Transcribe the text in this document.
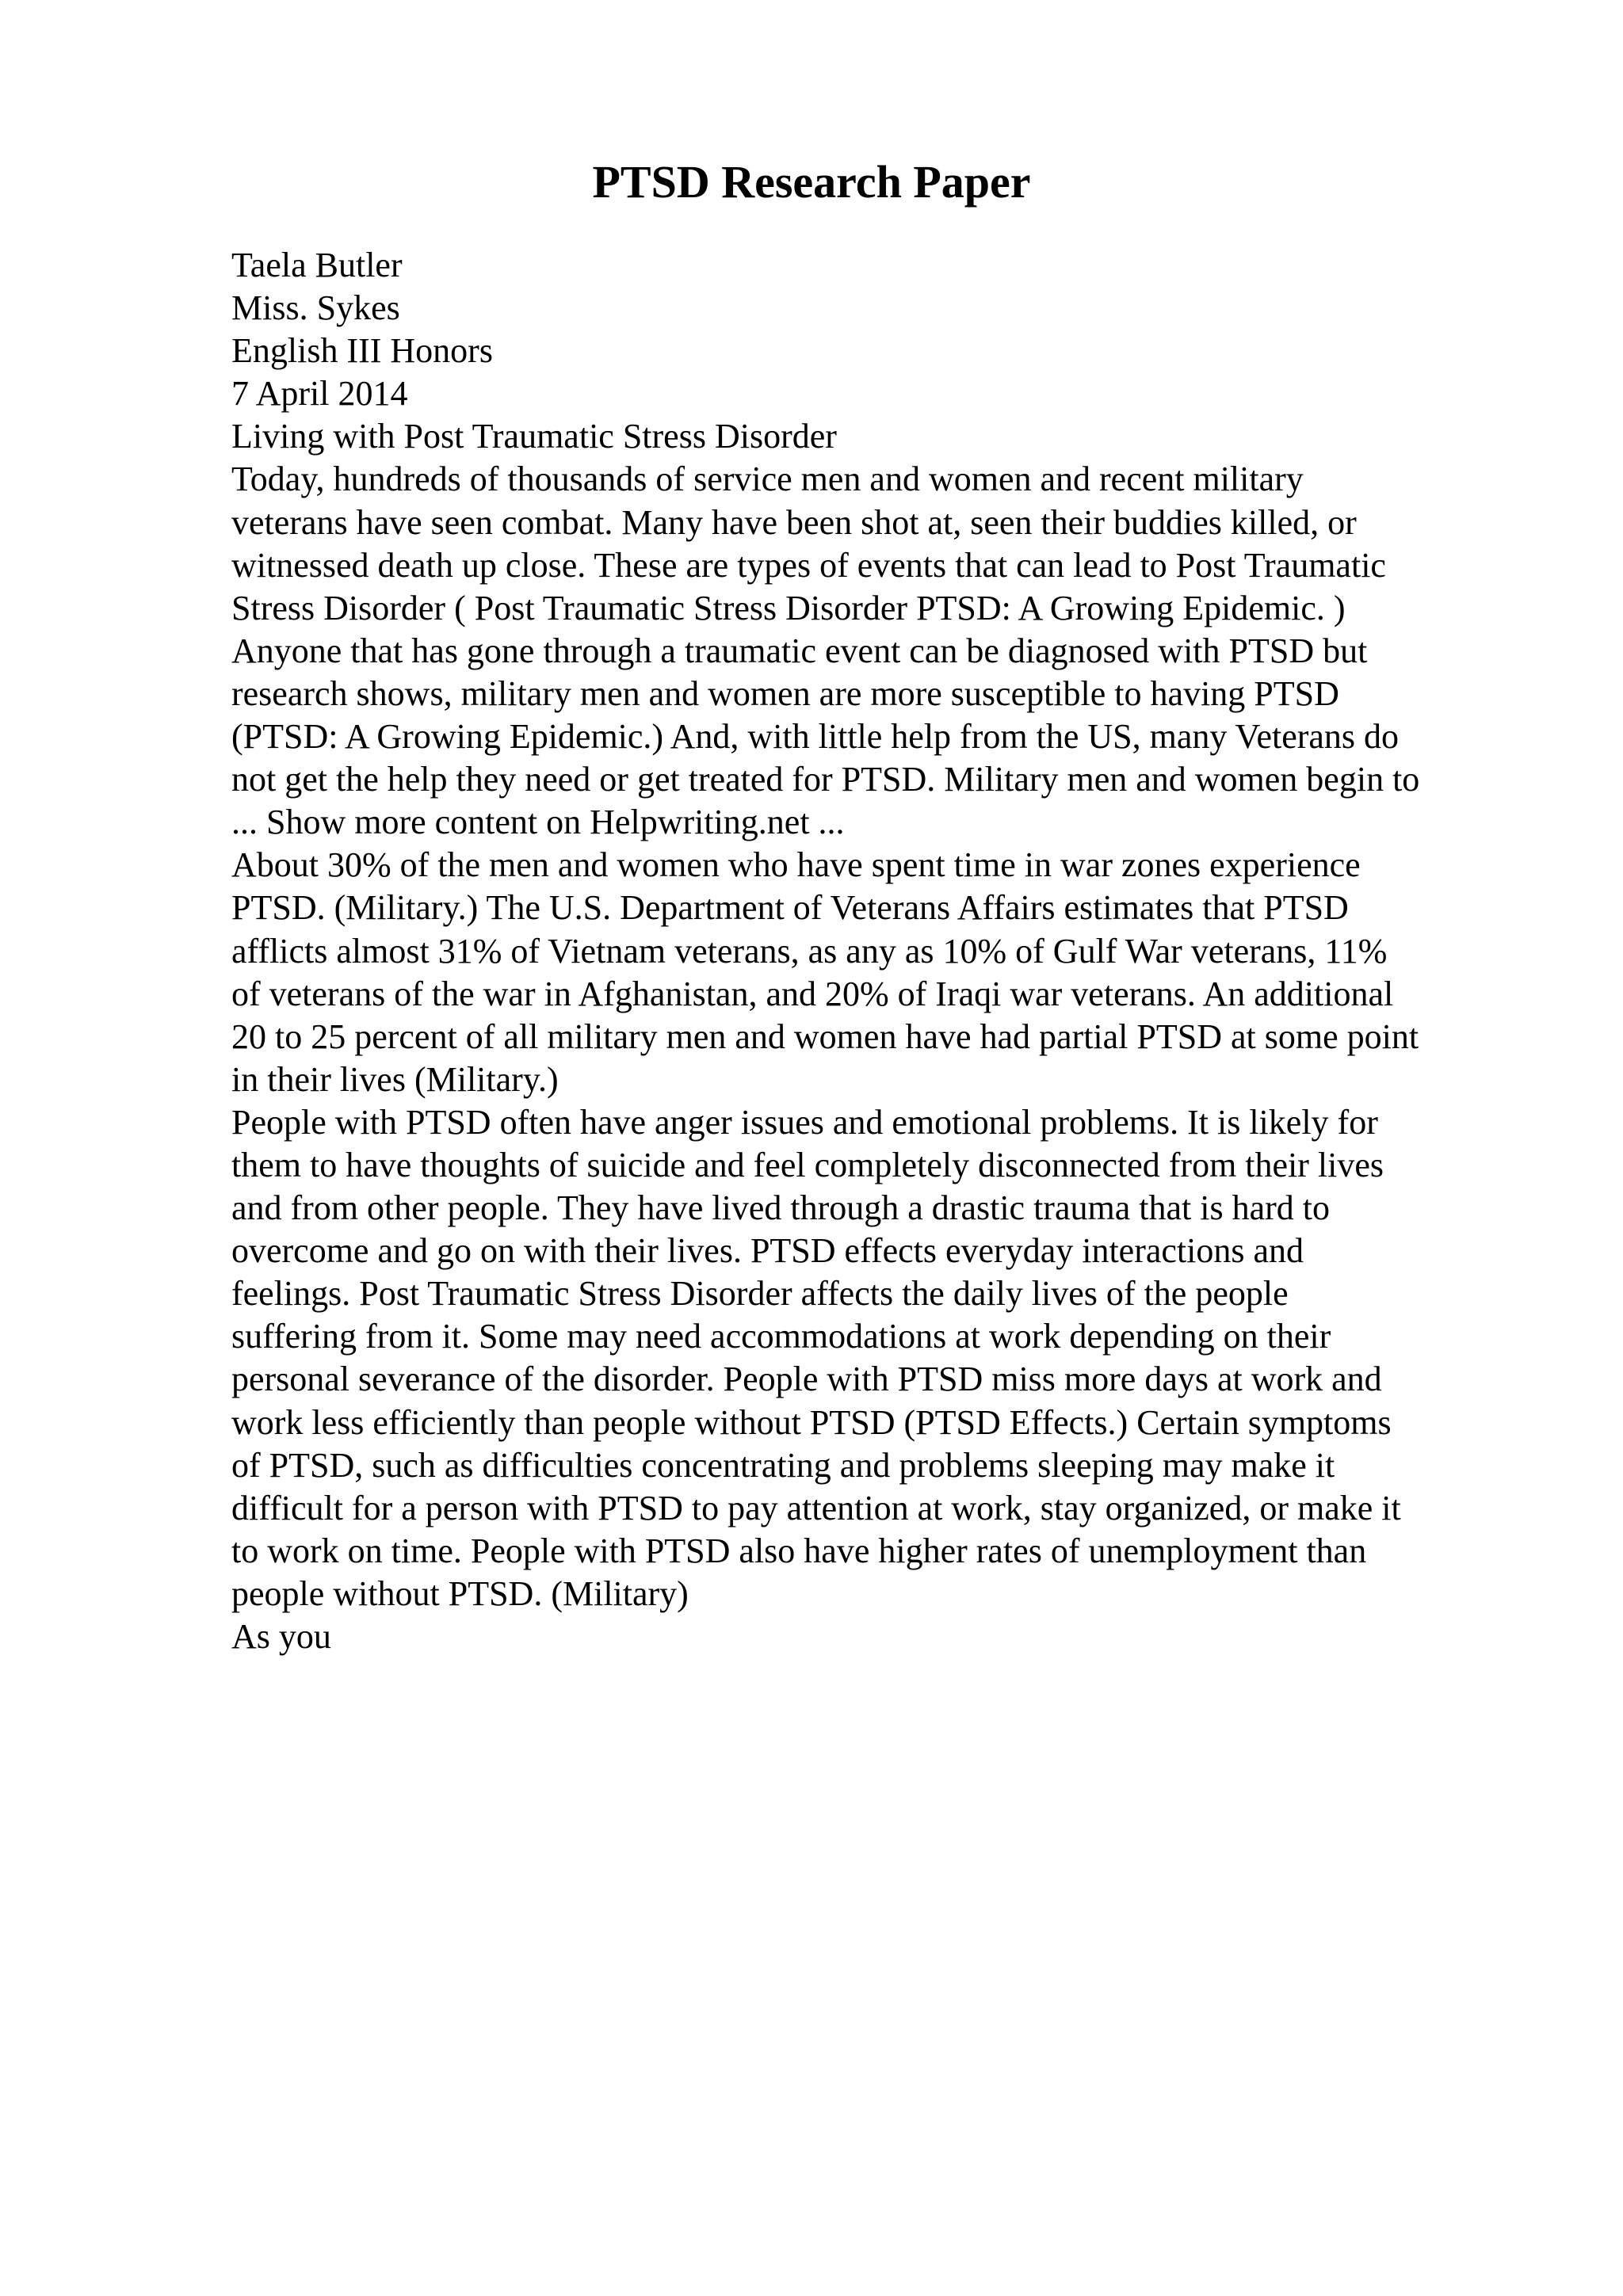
PTSD Research Paper
Taela Butler
Miss. Sykes
English III Honors
7 April 2014
Living with Post Traumatic Stress Disorder
Today, hundreds of thousands of service men and women and recent military
veterans have seen combat. Many have been shot at, seen their buddies killed, or
witnessed death up close. These are types of events that can lead to Post Traumatic
Stress Disorder ( Post Traumatic Stress Disorder PTSD: A Growing Epidemic. )
Anyone that has gone through a traumatic event can be diagnosed with PTSD but
research shows, military men and women are more susceptible to having PTSD
(PTSD: A Growing Epidemic.) And, with little help from the US, many Veterans do
not get the help they need or get treated for PTSD. Military men and women begin to
... Show more content on Helpwriting.net ...
About 30% of the men and women who have spent time in war zones experience
PTSD. (Military.) The U.S. Department of Veterans Affairs estimates that PTSD
afflicts almost 31% of Vietnam veterans, as any as 10% of Gulf War veterans, 11%
of veterans of the war in Afghanistan, and 20% of Iraqi war veterans. An additional
20 to 25 percent of all military men and women have had partial PTSD at some point
in their lives (Military.)
People with PTSD often have anger issues and emotional problems. It is likely for
them to have thoughts of suicide and feel completely disconnected from their lives
and from other people. They have lived through a drastic trauma that is hard to
overcome and go on with their lives. PTSD effects everyday interactions and
feelings. Post Traumatic Stress Disorder affects the daily lives of the people
suffering from it. Some may need accommodations at work depending on their
personal severance of the disorder. People with PTSD miss more days at work and
work less efficiently than people without PTSD (PTSD Effects.) Certain symptoms
of PTSD, such as difficulties concentrating and problems sleeping may make it
difficult for a person with PTSD to pay attention at work, stay organized, or make it
to work on time. People with PTSD also have higher rates of unemployment than
people without PTSD. (Military)
As you
